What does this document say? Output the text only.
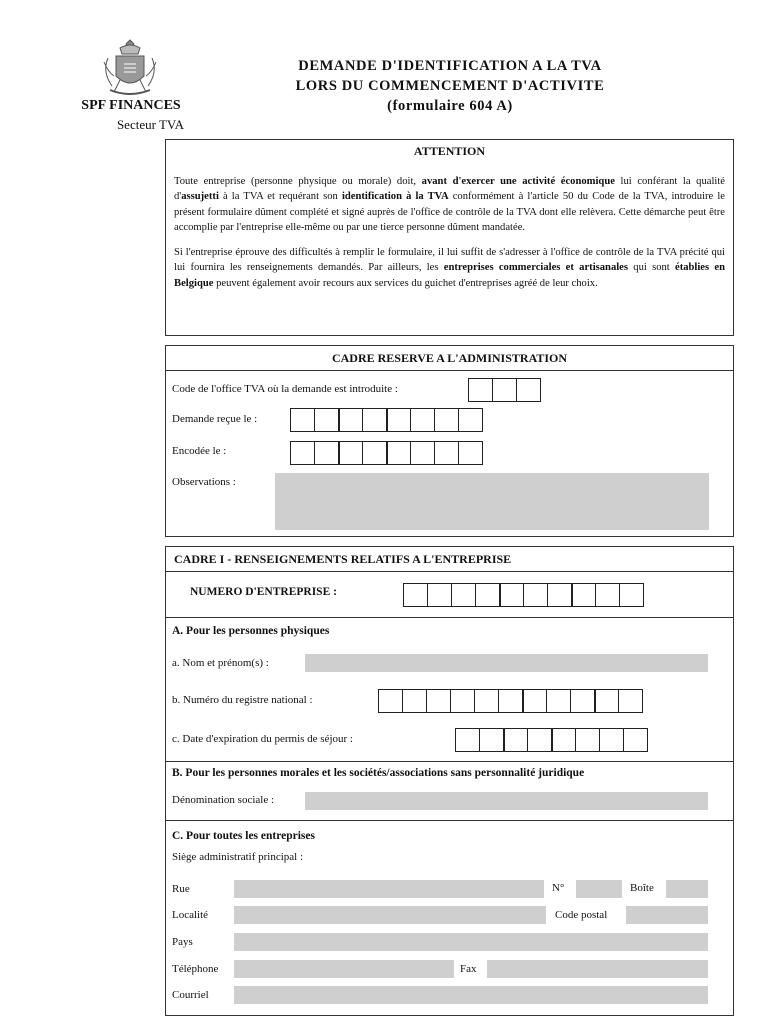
SPF FINANCES
Secteur TVA
DEMANDE D'IDENTIFICATION A LA TVA
LORS DU COMMENCEMENT D'ACTIVITE
(formulaire 604 A)
ATTENTION

Toute entreprise (personne physique ou morale) doit, avant d'exercer une activité économique lui conférant la qualité d'assujetti à la TVA et requérant son identification à la TVA conformément à l'article 50 du Code de la TVA, introduire le présent formulaire dûment complété et signé auprès de l'office de contrôle de la TVA dont elle relèvera. Cette démarche peut être accomplie par l'entreprise elle-même ou par une tierce personne dûment mandatée.

Si l'entreprise éprouve des difficultés à remplir le formulaire, il lui suffit de s'adresser à l'office de contrôle de la TVA précité qui lui fournira les renseignements demandés. Par ailleurs, les entreprises commerciales et artisanales qui sont établies en Belgique peuvent également avoir recours aux services du guichet d'entreprises agréé de leur choix.

CADRE RESERVE A L'ADMINISTRATION
Code de l'office TVA où la demande est introduite :
Demande reçue le :
Encodée le :
Observations :
CADRE I - RENSEIGNEMENTS RELATIFS A L'ENTREPRISE
NUMERO D'ENTREPRISE :
A. Pour les personnes physiques
a. Nom et prénom(s) :
b. Numéro du registre national :
c. Date d'expiration du permis de séjour :
B. Pour les personnes morales et les sociétés/associations sans personnalité juridique
Dénomination sociale :
C. Pour toutes les entreprises
Siège administratif principal :
Rue	N°	Boîte
Localité	Code postal
Pays
Téléphone	Fax
Courriel
